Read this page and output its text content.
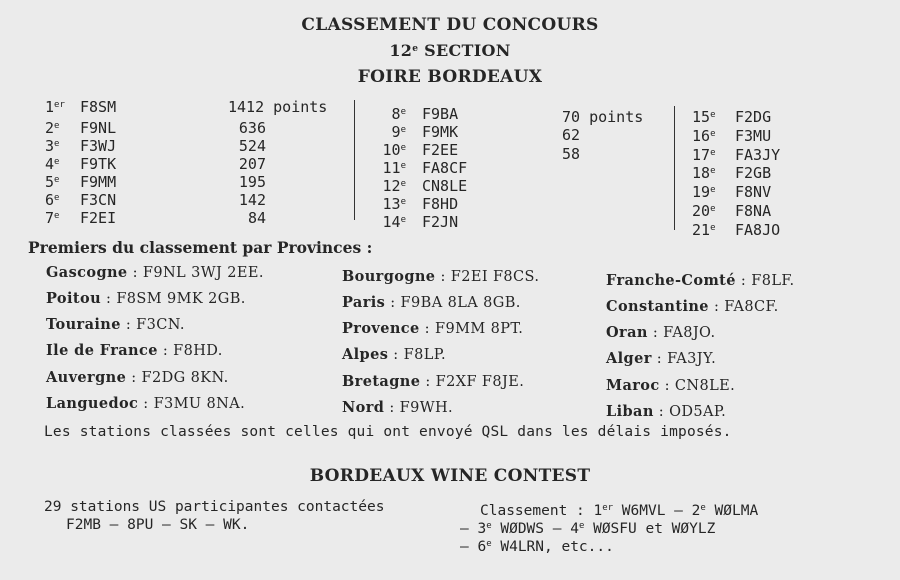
CLASSEMENT DU CONCOURS
12e SECTION
FOIRE BORDEAUX
1er F8SM	1412 points
2e F9NL	636
3e F3WJ	524
4e F9TK	207
5e F9MM	195
6e F3CN	142
7e F2EI	84
8e F9BA	70 points
9e F9MK	62
10e F2EE	58
11e FA8CF
12e CN8LE
13e F8HD
14e F2JN
15e F2DG
16e F3MU
17e FA3JY
18e F2GB
19e F8NV
20e F8NA
21e FA8JO
Premiers du classement par Provinces :
Gascogne : F9NL 3WJ 2EE.
Poitou : F8SM 9MK 2GB.
Touraine : F3CN.
Ile de France : F8HD.
Auvergne : F2DG 8KN.
Languedoc : F3MU 8NA.
Bourgogne : F2EI F8CS.
Paris : F9BA 8LA 8GB.
Provence : F9MM 8PT.
Alpes : F8LP.
Bretagne : F2XF F8JE.
Nord : F9WH.
Franche-Comté : F8LF.
Constantine : FA8CF.
Oran : FA8JO.
Alger : FA3JY.
Maroc : CN8LE.
Liban : OD5AP.
Les stations classées sont celles qui ont envoyé QSL dans les délais imposés.
BORDEAUX WINE CONTEST
29 stations US participantes contactées
F2MB — 8PU — SK — WK.
Classement : 1er W6MVL — 2e WØLMA
— 3e WØDWS — 4e WØSFU et WØYLZ
— 6e W4LRN, etc...
